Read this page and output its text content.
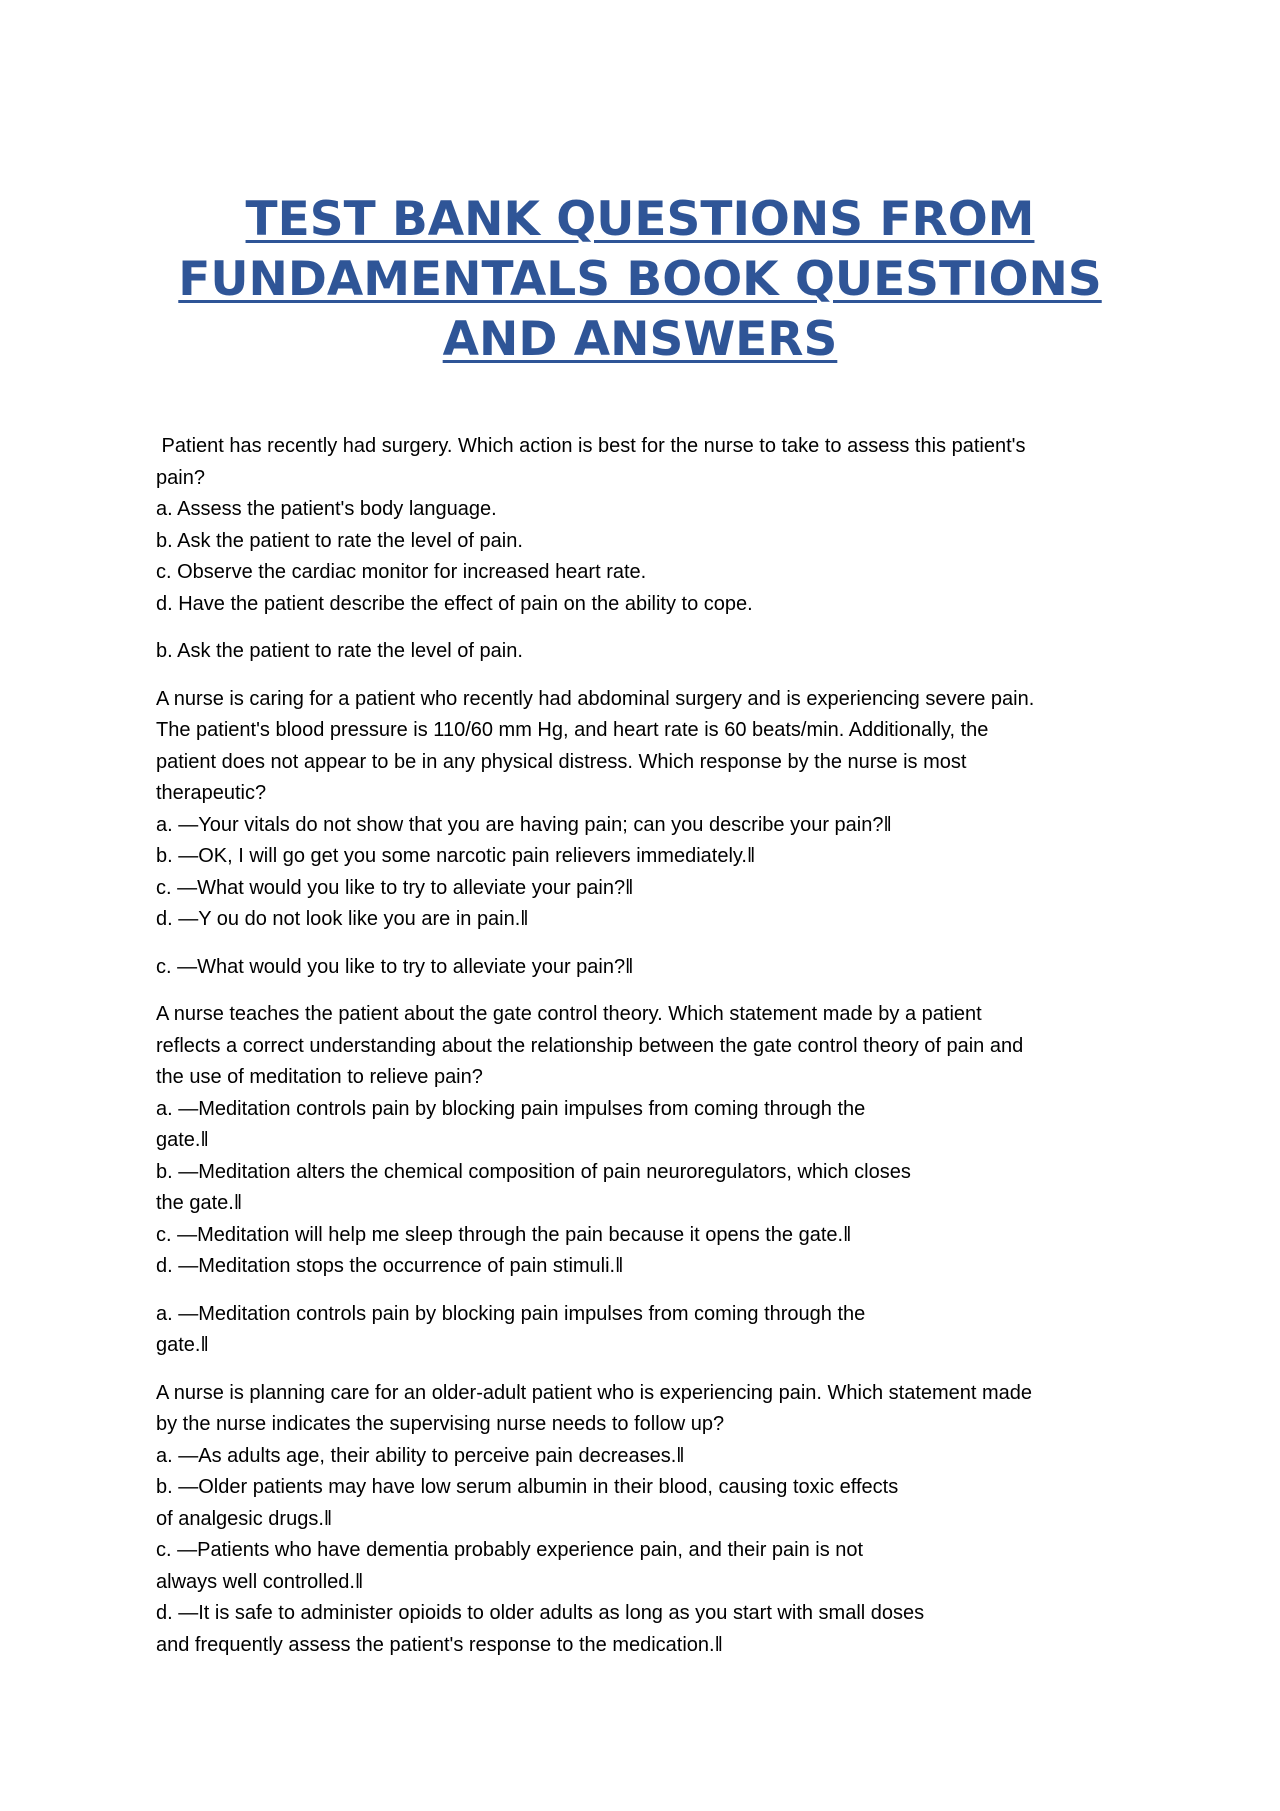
TEST BANK QUESTIONS FROM
FUNDAMENTALS BOOK QUESTIONS
AND ANSWERS
Patient has recently had surgery. Which action is best for the nurse to take to assess this patient's
pain?
a. Assess the patient's body language.
b. Ask the patient to rate the level of pain.
c. Observe the cardiac monitor for increased heart rate.
d. Have the patient describe the effect of pain on the ability to cope.
b. Ask the patient to rate the level of pain.
A nurse is caring for a patient who recently had abdominal surgery and is experiencing severe pain.
The patient's blood pressure is 110/60 mm Hg, and heart rate is 60 beats/min. Additionally, the
patient does not appear to be in any physical distress. Which response by the nurse is most
therapeutic?
a. ―Your vitals do not show that you are having pain; can you describe your pain?‖
b. ―OK, I will go get you some narcotic pain relievers immediately.‖
c. ―What would you like to try to alleviate your pain?‖
d. ―Y ou do not look like you are in pain.‖
c. ―What would you like to try to alleviate your pain?‖
A nurse teaches the patient about the gate control theory. Which statement made by a patient
reflects a correct understanding about the relationship between the gate control theory of pain and
the use of meditation to relieve pain?
a. ―Meditation controls pain by blocking pain impulses from coming through the
gate.‖
b. ―Meditation alters the chemical composition of pain neuroregulators, which closes
the gate.‖
c. ―Meditation will help me sleep through the pain because it opens the gate.‖
d. ―Meditation stops the occurrence of pain stimuli.‖
a. ―Meditation controls pain by blocking pain impulses from coming through the
gate.‖
A nurse is planning care for an older-adult patient who is experiencing pain. Which statement made
by the nurse indicates the supervising nurse needs to follow up?
a. ―As adults age, their ability to perceive pain decreases.‖
b. ―Older patients may have low serum albumin in their blood, causing toxic effects
of analgesic drugs.‖
c. ―Patients who have dementia probably experience pain, and their pain is not
always well controlled.‖
d. ―It is safe to administer opioids to older adults as long as you start with small doses
and frequently assess the patient's response to the medication.‖
